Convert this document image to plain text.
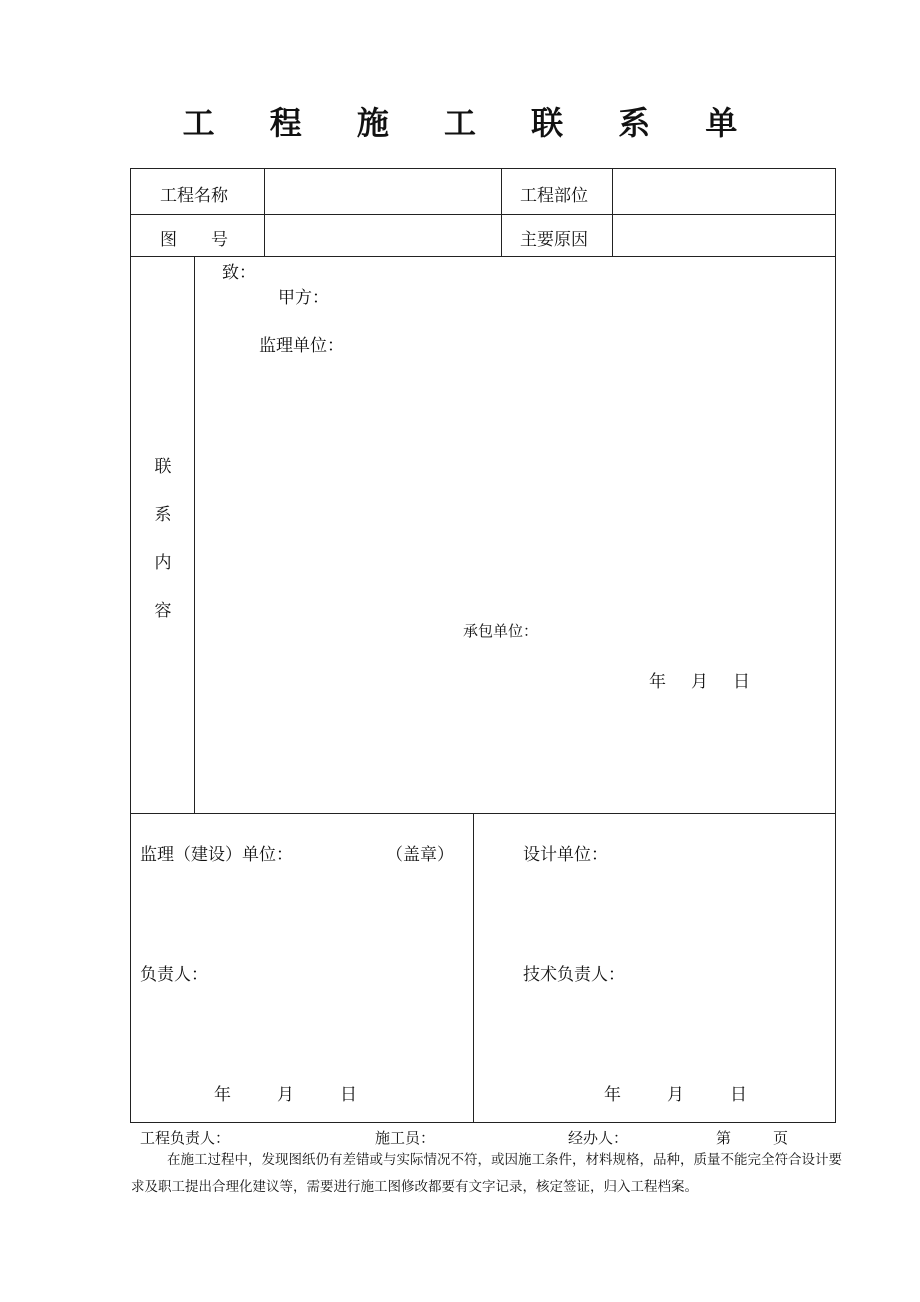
工 程 施 工 联 系 单
工程名称	工程部位
图　　号	主要原因
联
系
内
容
致：
甲方：
监理单位：
承包单位：
年　月　日
监理（建设）单位：	（盖章）
负责人：
年　　月　　日
设计单位：
技术负责人：
年　　月　　日
工程负责人：	施工员：	经办人：	第　　页
在施工过程中，发现图纸仍有差错或与实际情况不符，或因施工条件，材料规格，品种，质量不能完全符合设计要求及职工提出合理化建议等，需要进行施工图修改都要有文字记录，核定签证，归入工程档案。
